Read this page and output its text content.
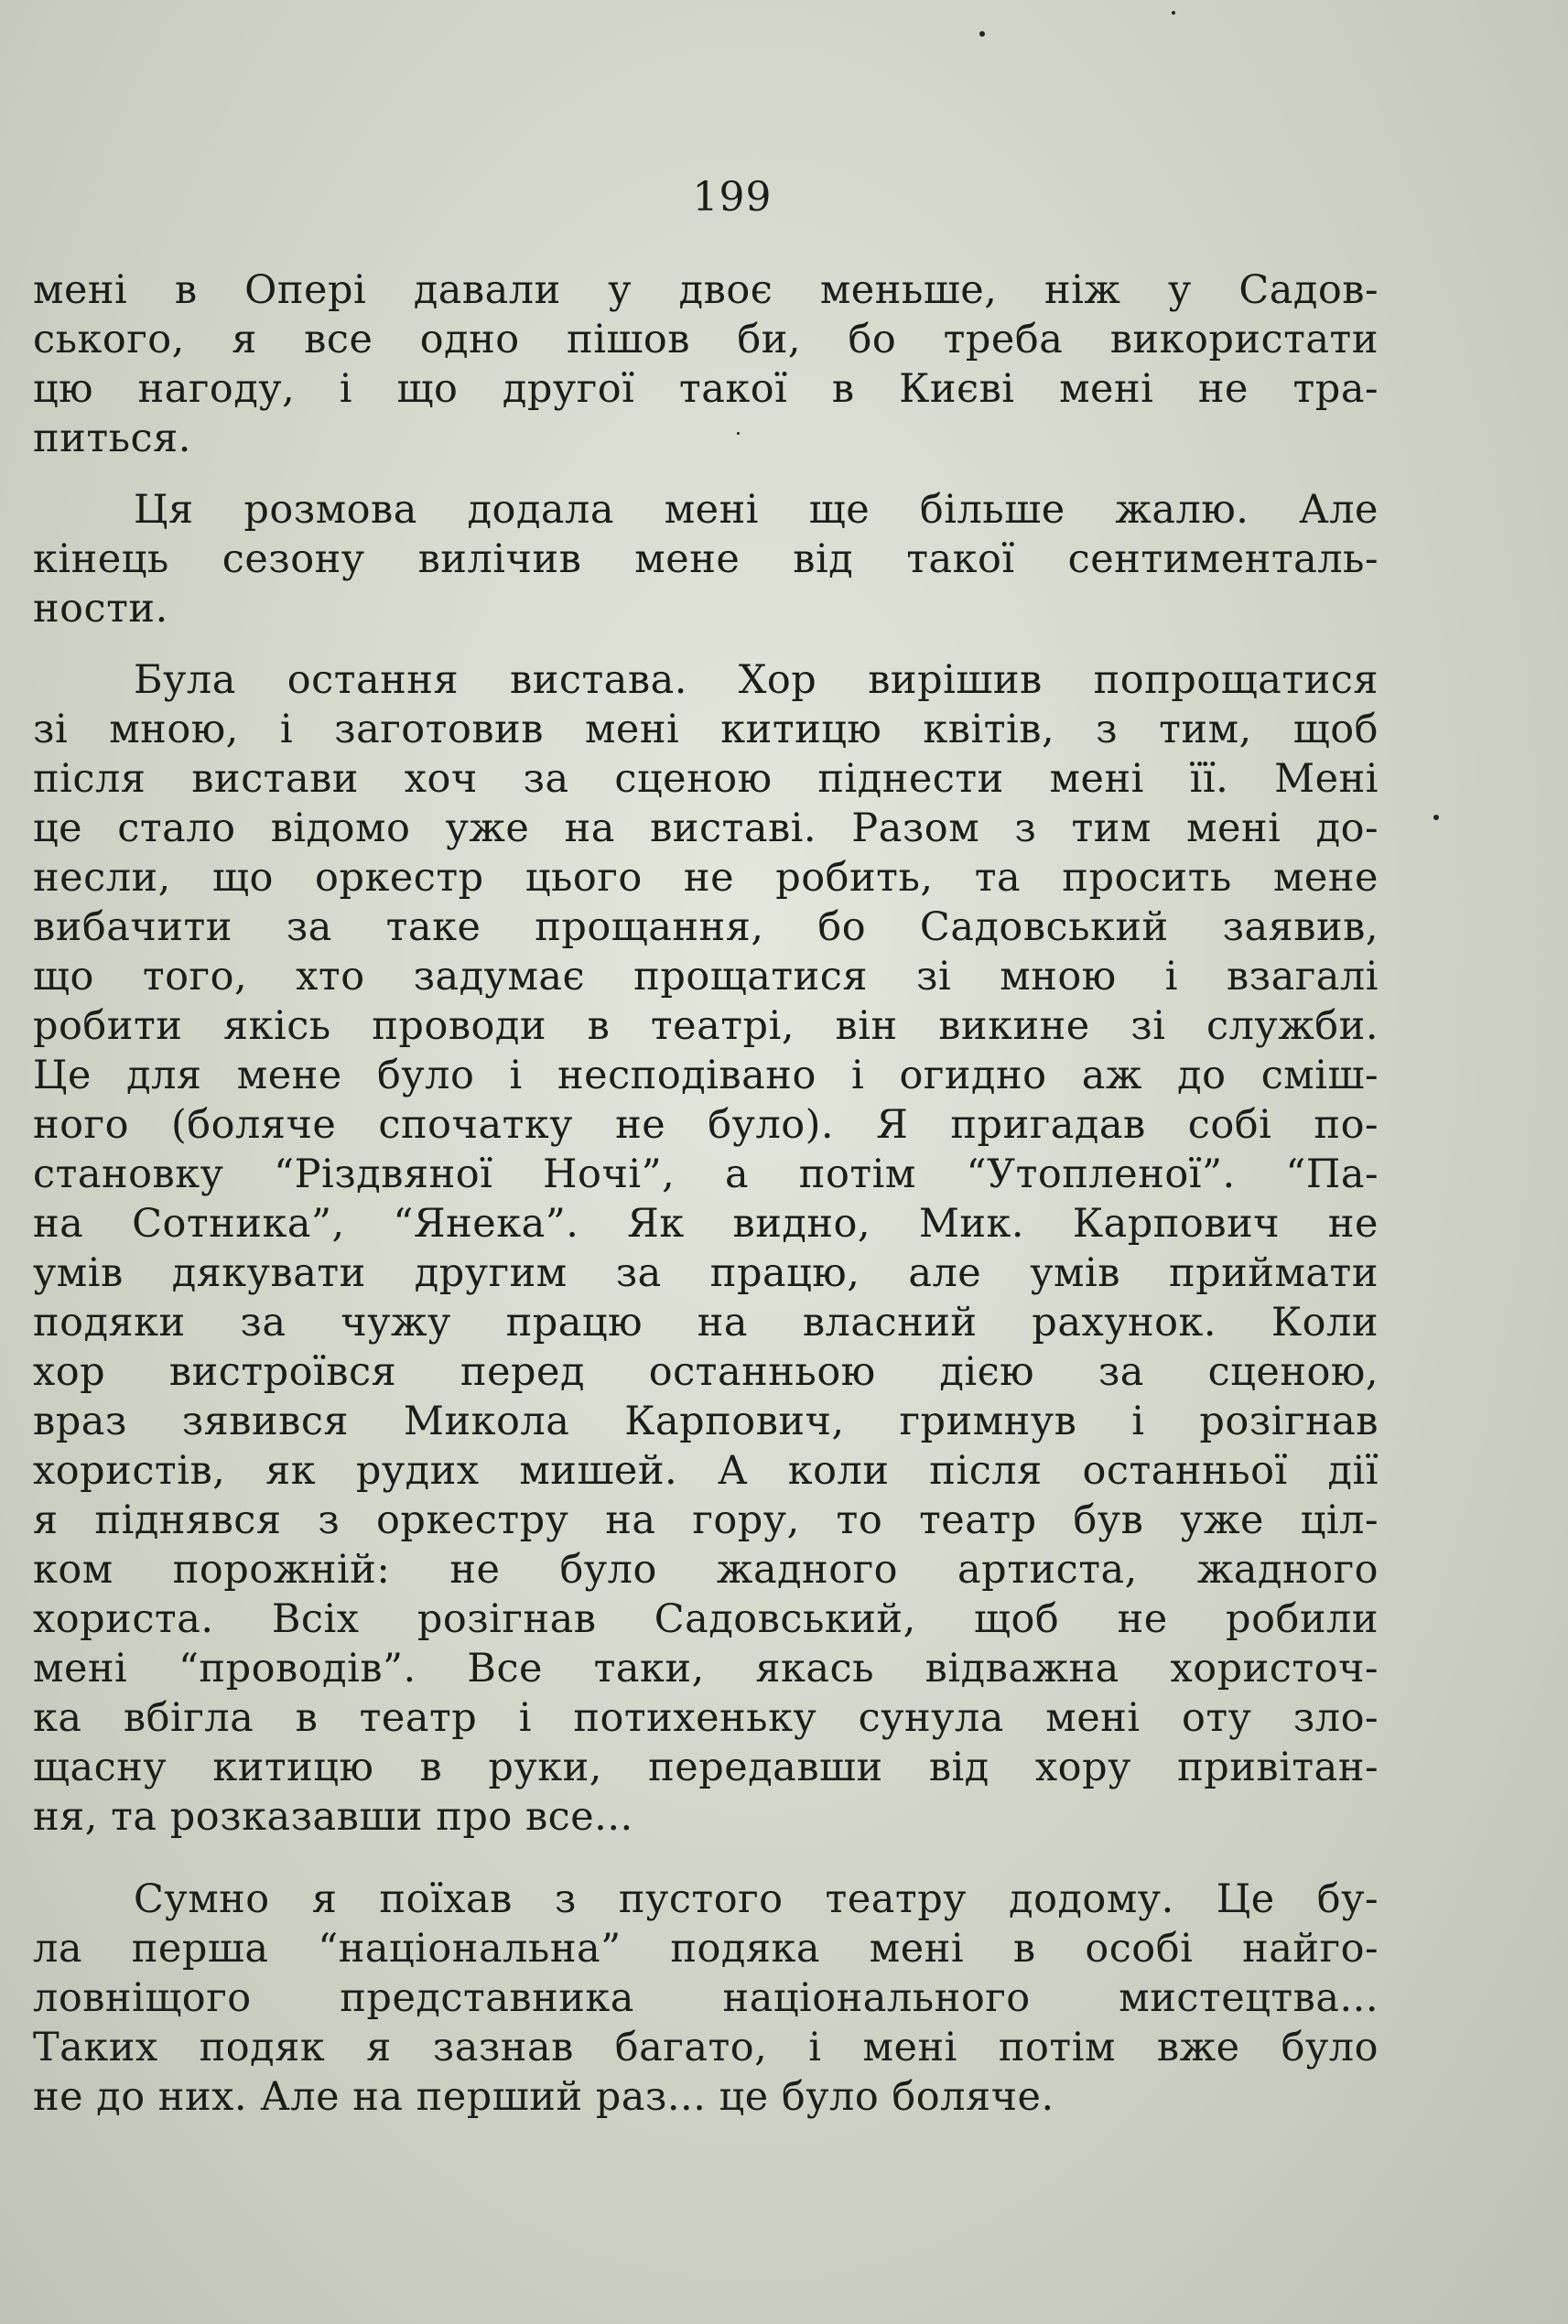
199

мені в Опері давали у двоє меньше, ніж у Садов-
ського, я все одно пішов би, бо треба використати
цю нагоду, і що другої такої в Києві мені не тра-
питься.

Ця розмова додала мені ще більше жалю. Але
кінець сезону вилічив мене від такої сентименталь-
ности.

Була остання вистава. Хор вирішив попрощатися
зі мною, і заготовив мені китицю квітів, з тим, щоб
після вистави хоч за сценою піднести мені її. Мені
це стало відомо уже на виставі. Разом з тим мені до-
несли, що оркестр цього не робить, та просить мене
вибачити за таке прощання, бо Садовський заявив,
що того, хто задумає прощатися зі мною і взагалі
робити якісь проводи в театрі, він викине зі служби.
Це для мене було і несподівано і огидно аж до сміш-
ного (боляче спочатку не було). Я пригадав собі по-
становку “Різдвяної Ночі”, а потім “Утопленої”. “Па-
на Сотника”, “Янека”. Як видно, Мик. Карпович не
умів дякувати другим за працю, але умів приймати
подяки за чужу працю на власний рахунок. Коли
хор вистроївся перед останньою дією за сценою,
враз зявився Микола Карпович, гримнув і розігнав
хористів, як рудих мишей. А коли після останньої дії
я піднявся з оркестру на гору, то театр був уже ціл-
ком порожній: не було жадного артиста, жадного
хориста. Всіх розігнав Садовський, щоб не робили
мені “проводів”. Все таки, якась відважна хористоч-
ка вбігла в театр і потихеньку сунула мені оту зло-
щасну китицю в руки, передавши від хору привітан-
ня, та розказавши про все...

Сумно я поїхав з пустого театру додому. Це бу-
ла перша “національна” подяка мені в особі найго-
ловніщого представника національного мистецтва...
Таких подяк я зазнав багато, і мені потім вже було
не до них. Але на перший раз... це було боляче.
